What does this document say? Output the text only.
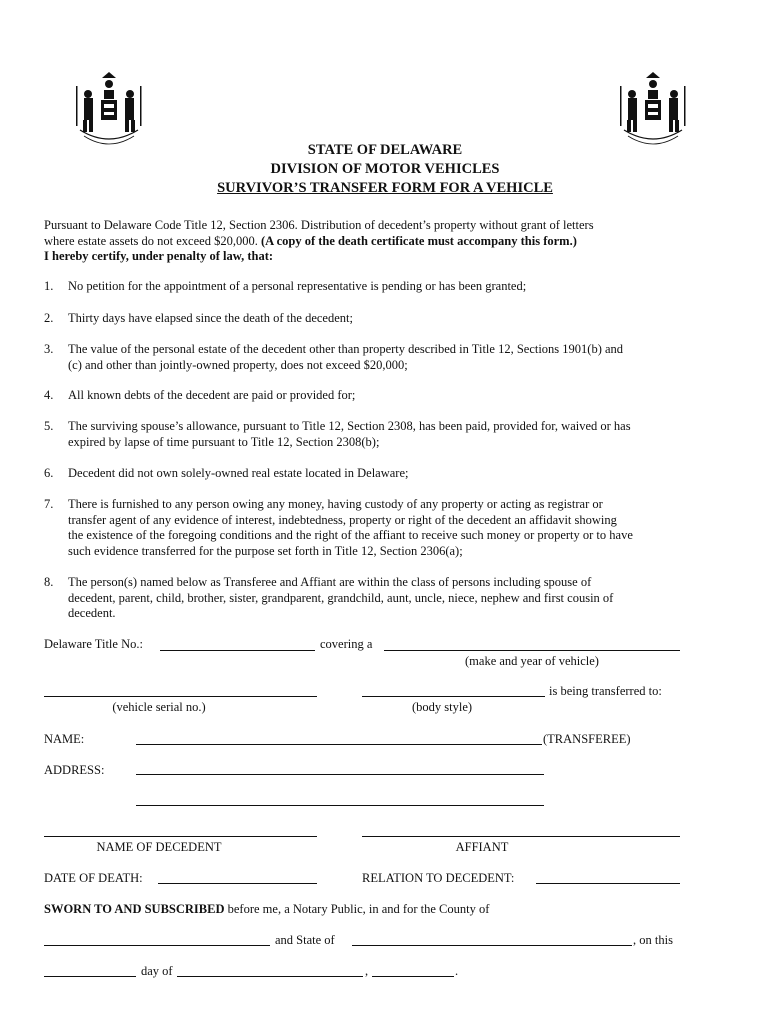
STATE OF DELAWARE
DIVISION OF MOTOR VEHICLES
SURVIVOR’S TRANSFER FORM FOR A VEHICLE
Pursuant to Delaware Code Title 12, Section 2306. Distribution of decedent’s property without grant of letters
where estate assets do not exceed $20,000. (A copy of the death certificate must accompany this form.)
I hereby certify, under penalty of law, that:
1. No petition for the appointment of a personal representative is pending or has been granted;
2. Thirty days have elapsed since the death of the decedent;
3. The value of the personal estate of the decedent other than property described in Title 12, Sections 1901(b) and
(c) and other than jointly-owned property, does not exceed $20,000;
4. All known debts of the decedent are paid or provided for;
5. The surviving spouse’s allowance, pursuant to Title 12, Section 2308, has been paid, provided for, waived or has
expired by lapse of time pursuant to Title 12, Section 2308(b);
6. Decedent did not own solely-owned real estate located in Delaware;
7. There is furnished to any person owing any money, having custody of any property or acting as registrar or
transfer agent of any evidence of interest, indebtedness, property or right of the decedent an affidavit showing
the existence of the foregoing conditions and the right of the affiant to receive such money or property or to have
such evidence transferred for the purpose set forth in Title 12, Section 2306(a);
8. The person(s) named below as Transferee and Affiant are within the class of persons including spouse of
decedent, parent, child, brother, sister, grandparent, grandchild, aunt, uncle, niece, nephew and first cousin of
decedent.
Delaware Title No.:	covering a
(make and year of vehicle)
(vehicle serial no.)	(body style)
is being transferred to:
NAME:	(TRANSFEREE)
ADDRESS:
NAME OF DECEDENT	AFFIANT
DATE OF DEATH:	RELATION TO DECEDENT:
SWORN TO AND SUBSCRIBED before me, a Notary Public, in and for the County of
and State of	, on this
day of	,	.
